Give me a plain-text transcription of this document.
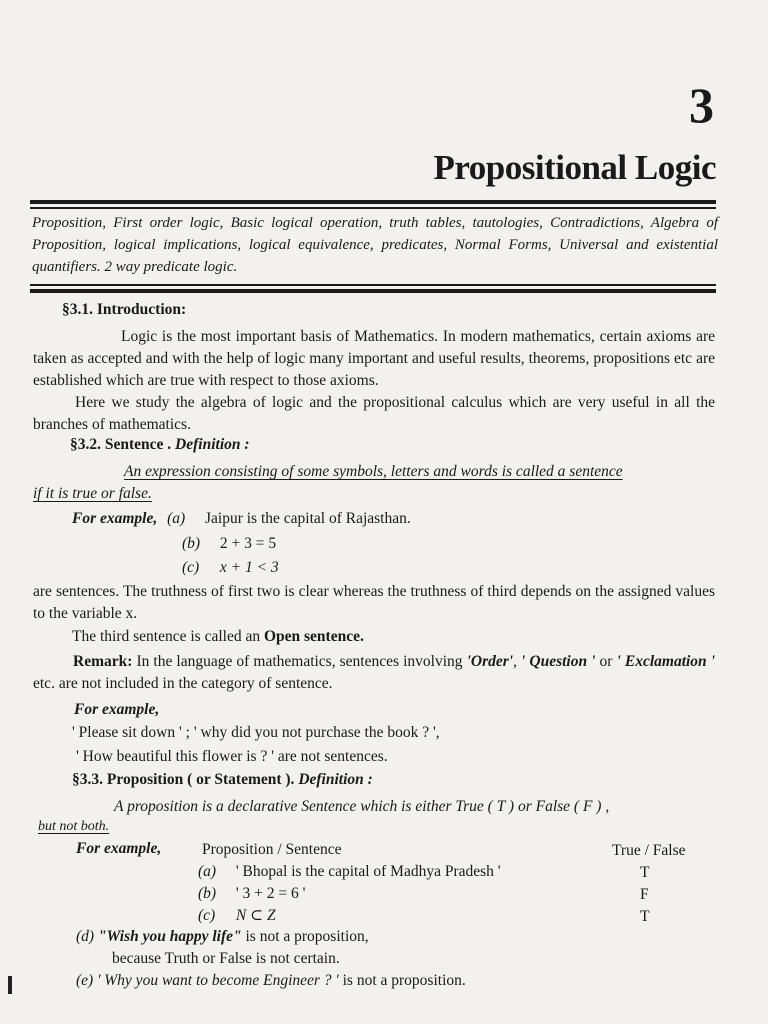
3
Propositional Logic
Proposition, First order logic, Basic logical operation, truth tables, tautologies, Contradictions, Algebra of Proposition, logical implications, logical equivalence, predicates, Normal Forms, Universal and existential quantifiers. 2 way predicate logic.
§3.1. Introduction:
Logic is the most important basis of Mathematics. In modern mathematics, certain axioms are taken as accepted and with the help of logic many important and useful results, theorems, propositions etc are established which are true with respect to those axioms.
Here we study the algebra of logic and the propositional calculus which are very useful in all the branches of mathematics.
§3.2. Sentence . Definition :
An expression consisting of some symbols, letters and words is called a sentence
if it is true or false.
For example, (a) Jaipur is the capital of Rajasthan.
(b) 2 + 3 = 5
(c) x + 1 < 3
are sentences. The truthness of first two is clear whereas the truthness of third depends on the assigned values to the variable x.
The third sentence is called an Open sentence.
Remark: In the language of mathematics, sentences involving 'Order', ' Question ' or ' Exclamation ' etc. are not included in the category of sentence.
For example,
' Please sit down ' ; ' why did you not purchase the book ? ',
' How beautiful this flower is ? ' are not sentences.
§3.3. Proposition ( or Statement ). Definition :
A proposition is a declarative Sentence which is either True ( T ) or False ( F ) ,
but not both.
For example,	Proposition / Sentence	True / False
(a) ' Bhopal is the capital of Madhya Pradesh '	T
(b) ' 3 + 2 = 6 '	F
(c) N ⊂ Z	T
(d) "Wish you happy life" is not a proposition,
because Truth or False is not certain.
(e) ' Why you want to become Engineer ? ' is not a proposition.
